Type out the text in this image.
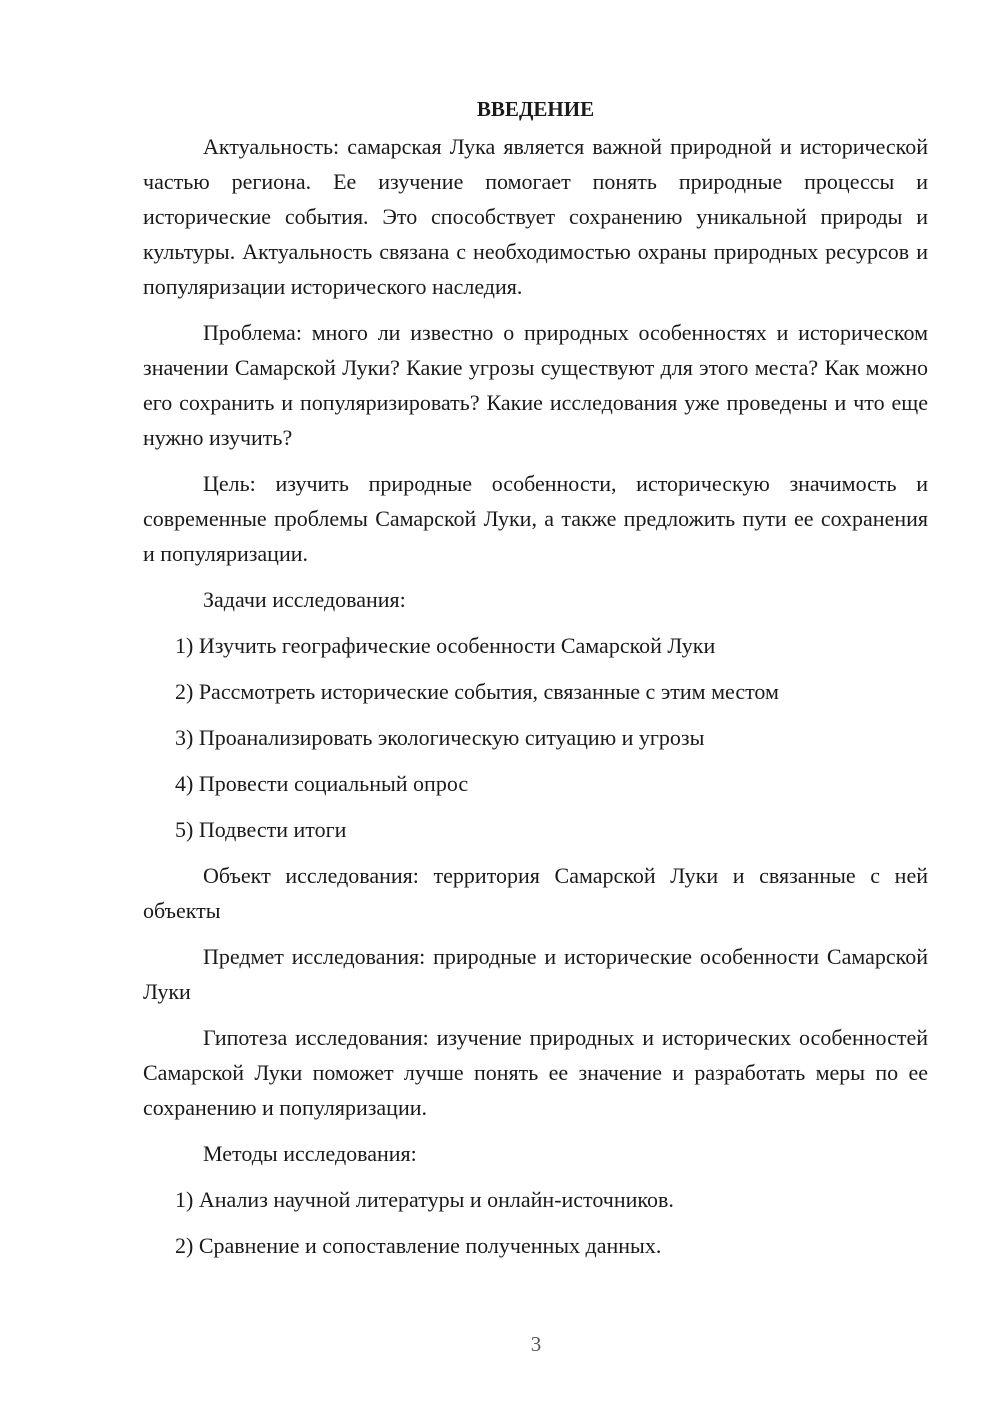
ВВЕДЕНИЕ

Актуальность: самарская Лука является важной природной и исторической частью региона. Ее изучение помогает понять природные процессы и исторические события. Это способствует сохранению уникальной природы и культуры. Актуальность связана с необходимостью охраны природных ресурсов и популяризации исторического наследия.

Проблема: много ли известно о природных особенностях и историческом значении Самарской Луки? Какие угрозы существуют для этого места? Как можно его сохранить и популяризировать? Какие исследования уже проведены и что еще нужно изучить?

Цель: изучить природные особенности, историческую значимость и современные проблемы Самарской Луки, а также предложить пути ее сохранения и популяризации.

Задачи исследования:
1) Изучить географические особенности Самарской Луки
2) Рассмотреть исторические события, связанные с этим местом
3) Проанализировать экологическую ситуацию и угрозы
4) Провести социальный опрос
5) Подвести итоги

Объект исследования: территория Самарской Луки и связанные с ней объекты

Предмет исследования: природные и исторические особенности Самарской Луки

Гипотеза исследования: изучение природных и исторических особенностей Самарской Луки поможет лучше понять ее значение и разработать меры по ее сохранению и популяризации.

Методы исследования:
1) Анализ научной литературы и онлайн-источников.
2) Сравнение и сопоставление полученных данных.
3
